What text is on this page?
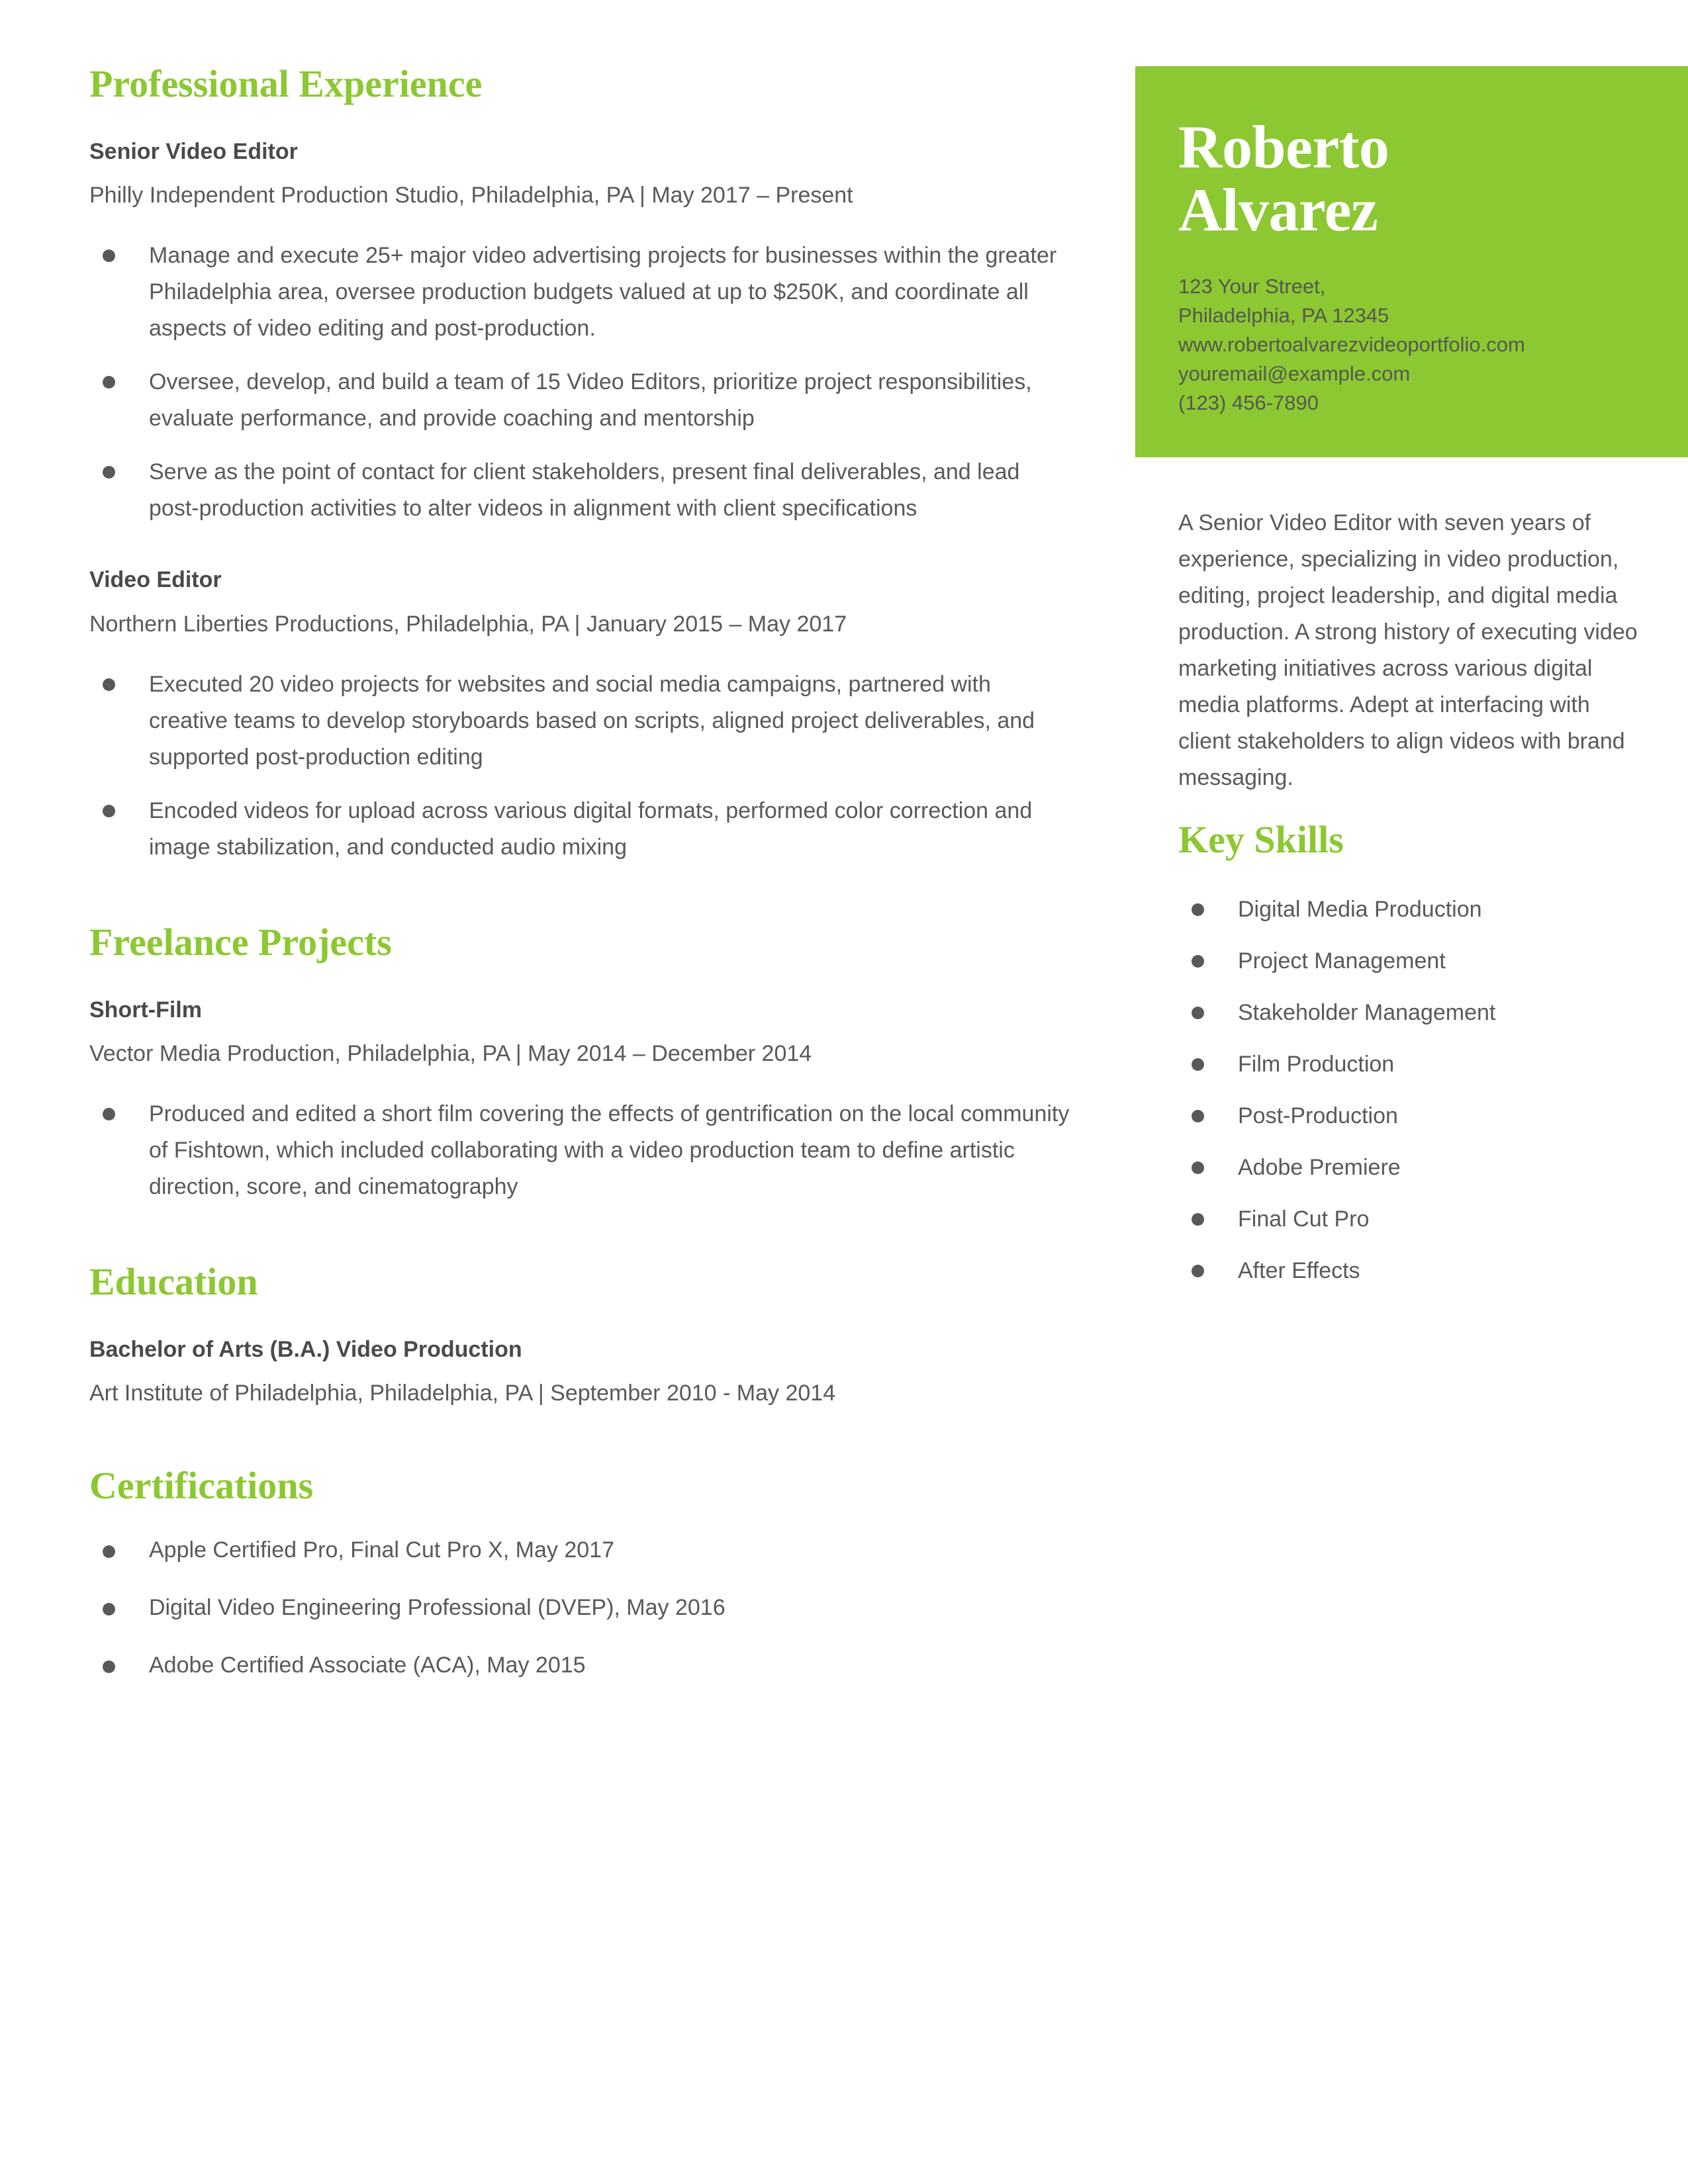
Professional Experience

Senior Video Editor

Philly Independent Production Studio, Philadelphia, PA | May 2017 – Present

Manage and execute 25+ major video advertising projects for businesses within the greater Philadelphia area, oversee production budgets valued at up to $250K, and coordinate all aspects of video editing and post-production.
Oversee, develop, and build a team of 15 Video Editors, prioritize project responsibilities, evaluate performance, and provide coaching and mentorship
Serve as the point of contact for client stakeholders, present final deliverables, and lead post-production activities to alter videos in alignment with client specifications

Video Editor

Northern Liberties Productions, Philadelphia, PA | January 2015 – May 2017

Executed 20 video projects for websites and social media campaigns, partnered with creative teams to develop storyboards based on scripts, aligned project deliverables, and supported post-production editing
Encoded videos for upload across various digital formats, performed color correction and image stabilization, and conducted audio mixing
Freelance Projects

Short-Film

Vector Media Production, Philadelphia, PA | May 2014 – December 2014

Produced and edited a short film covering the effects of gentrification on the local community of Fishtown, which included collaborating with a video production team to define artistic direction, score, and cinematography
Education

Bachelor of Arts (B.A.) Video Production

Art Institute of Philadelphia, Philadelphia, PA | September 2010 - May 2014

Certifications
Apple Certified Pro, Final Cut Pro X, May 2017
Digital Video Engineering Professional (DVEP), May 2016
Adobe Certified Associate (ACA), May 2015
Roberto
Alvarez
123 Your Street,
Philadelphia, PA 12345
www.robertoalvarezvideoportfolio.com
youremail@example.com
(123) 456-7890

A Senior Video Editor with seven years of experience, specializing in video production, editing, project leadership, and digital media production. A strong history of executing video marketing initiatives across various digital media platforms. Adept at interfacing with client stakeholders to align videos with brand messaging.

Key Skills
Digital Media Production
Project Management
Stakeholder Management
Film Production
Post-Production
Adobe Premiere
Final Cut Pro
After Effects
